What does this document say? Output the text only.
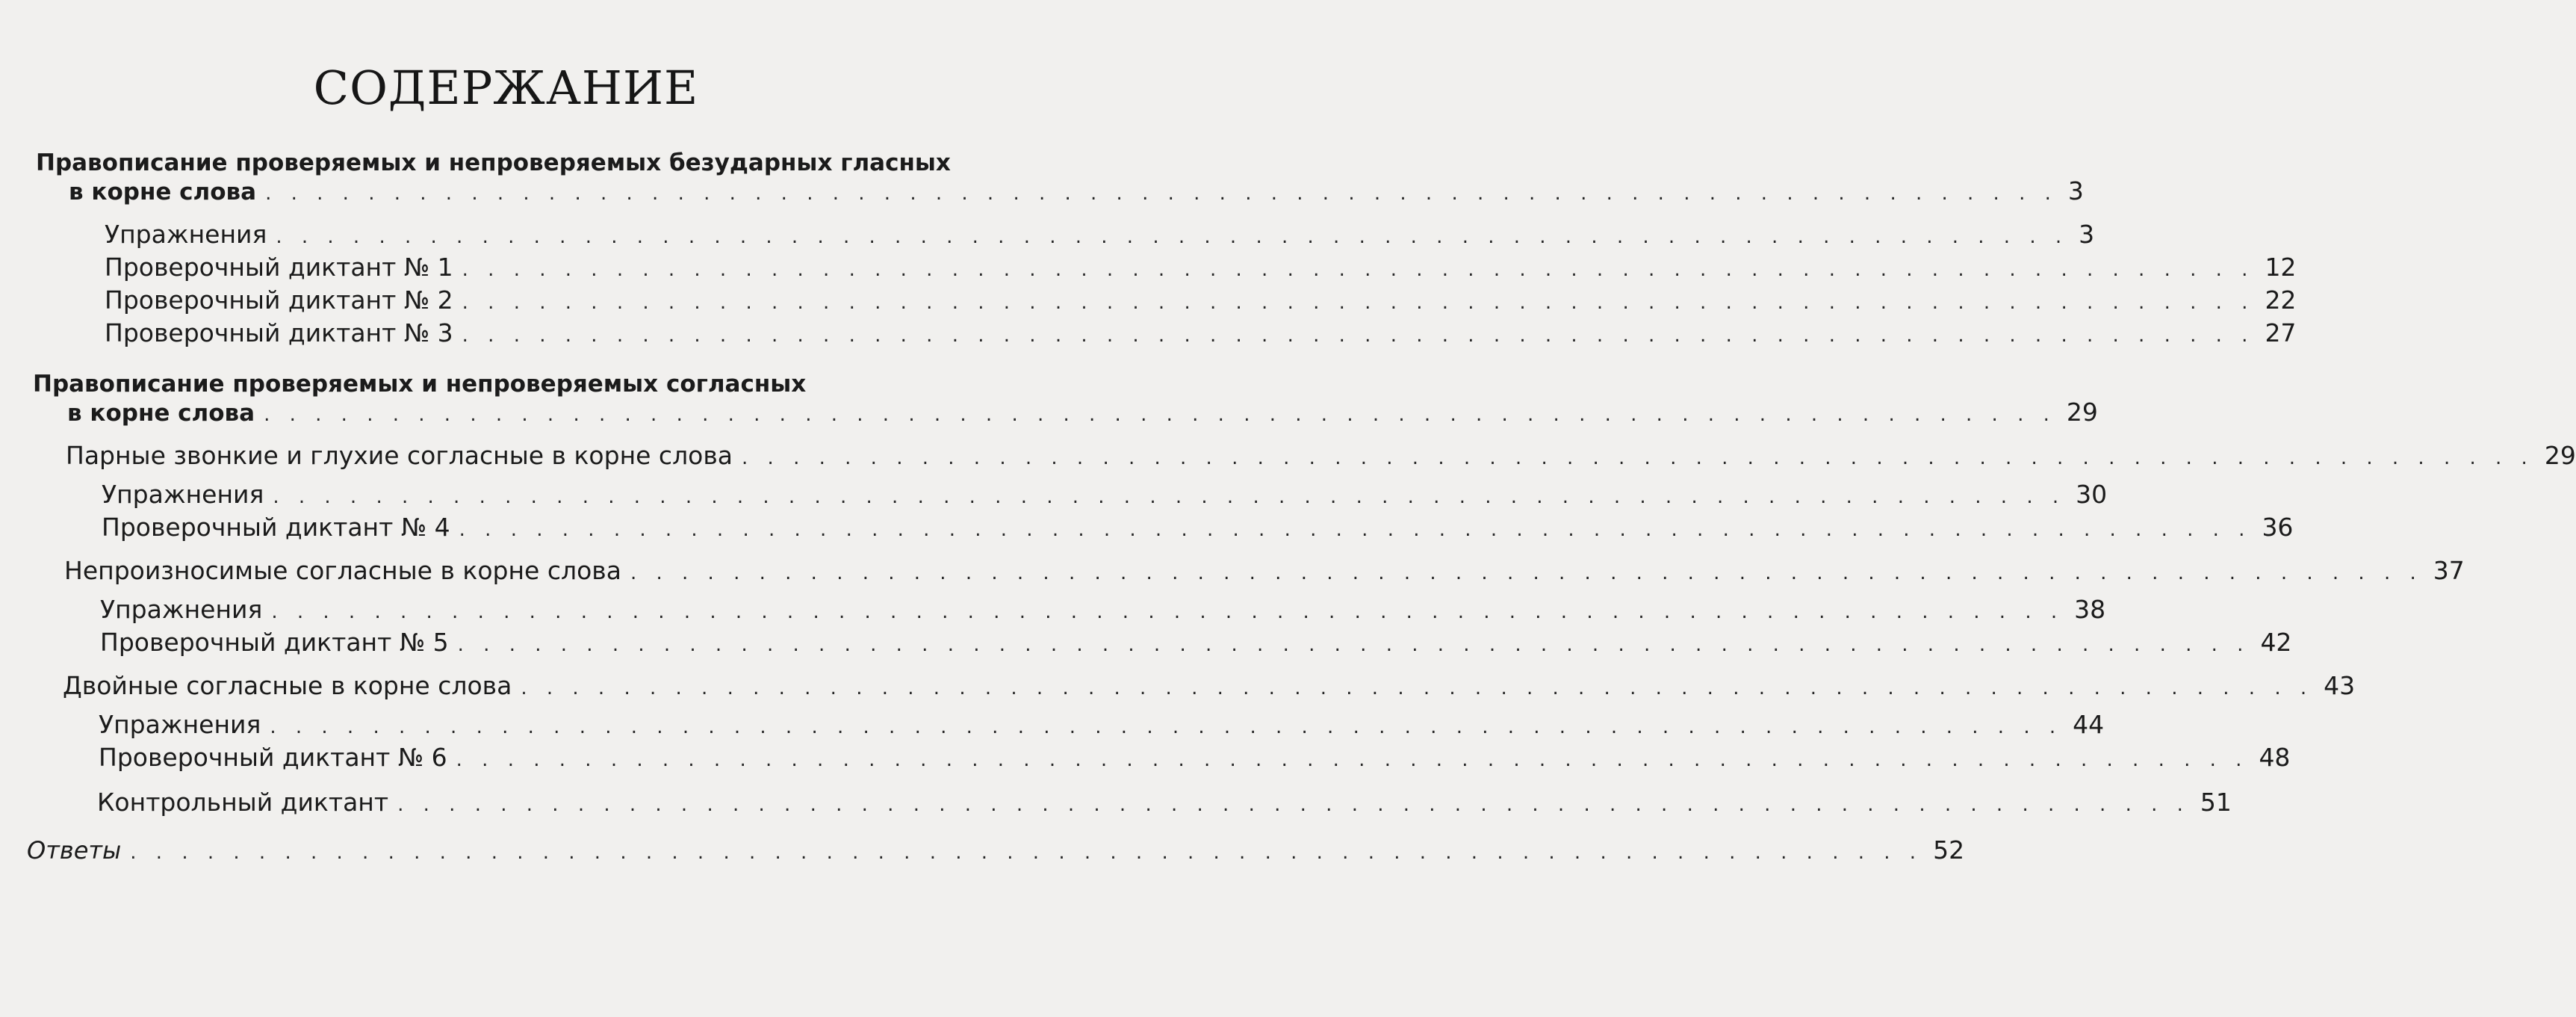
СОДЕРЖАНИЕ
Правописание проверяемых и непроверяемых безударных гласных
в корне слова . . . . . . . . . . . . . . . . . . . . . . . . . . . . . . . . . . . . . . . . . . . . . . . . . . . . . . . . . . . . . . . . . . . . . . 3
Упражнения . . . . . . . . . . . . . . . . . . . . . . . . . . . . . . . . . . . . . . . . . . . . . . . . . . . . . . . . . . . . . . . . . . . . . . 3
Проверочный диктант № 1 . . . . . . . . . . . . . . . . . . . . . . . . . . . . . . . . . . . . . . . . . . . . . . . . . . . . . . . . . . . . . . . . . . . . . . 12
Проверочный диктант № 2 . . . . . . . . . . . . . . . . . . . . . . . . . . . . . . . . . . . . . . . . . . . . . . . . . . . . . . . . . . . . . . . . . . . . . . 22
Проверочный диктант № 3 . . . . . . . . . . . . . . . . . . . . . . . . . . . . . . . . . . . . . . . . . . . . . . . . . . . . . . . . . . . . . . . . . . . . . . 27
Правописание проверяемых и непроверяемых согласных
в корне слова . . . . . . . . . . . . . . . . . . . . . . . . . . . . . . . . . . . . . . . . . . . . . . . . . . . . . . . . . . . . . . . . . . . . . . 29
Парные звонкие и глухие согласные в корне слова . . . . . . . . . . . . . . . . . . . . . . . . . . . . . . . . . . . . . . . . . . . . . . . . . . . . . . . . . . . . . . . . . . . . . . 29
Упражнения . . . . . . . . . . . . . . . . . . . . . . . . . . . . . . . . . . . . . . . . . . . . . . . . . . . . . . . . . . . . . . . . . . . . . . 30
Проверочный диктант № 4 . . . . . . . . . . . . . . . . . . . . . . . . . . . . . . . . . . . . . . . . . . . . . . . . . . . . . . . . . . . . . . . . . . . . . . 36
Непроизносимые согласные в корне слова . . . . . . . . . . . . . . . . . . . . . . . . . . . . . . . . . . . . . . . . . . . . . . . . . . . . . . . . . . . . . . . . . . . . . . 37
Упражнения . . . . . . . . . . . . . . . . . . . . . . . . . . . . . . . . . . . . . . . . . . . . . . . . . . . . . . . . . . . . . . . . . . . . . . 38
Проверочный диктант № 5 . . . . . . . . . . . . . . . . . . . . . . . . . . . . . . . . . . . . . . . . . . . . . . . . . . . . . . . . . . . . . . . . . . . . . . 42
Двойные согласные в корне слова . . . . . . . . . . . . . . . . . . . . . . . . . . . . . . . . . . . . . . . . . . . . . . . . . . . . . . . . . . . . . . . . . . . . . . 43
Упражнения . . . . . . . . . . . . . . . . . . . . . . . . . . . . . . . . . . . . . . . . . . . . . . . . . . . . . . . . . . . . . . . . . . . . . . 44
Проверочный диктант № 6 . . . . . . . . . . . . . . . . . . . . . . . . . . . . . . . . . . . . . . . . . . . . . . . . . . . . . . . . . . . . . . . . . . . . . . 48
Контрольный диктант . . . . . . . . . . . . . . . . . . . . . . . . . . . . . . . . . . . . . . . . . . . . . . . . . . . . . . . . . . . . . . . . . . . . . . 51
Ответы . . . . . . . . . . . . . . . . . . . . . . . . . . . . . . . . . . . . . . . . . . . . . . . . . . . . . . . . . . . . . . . . . . . . . . 52
